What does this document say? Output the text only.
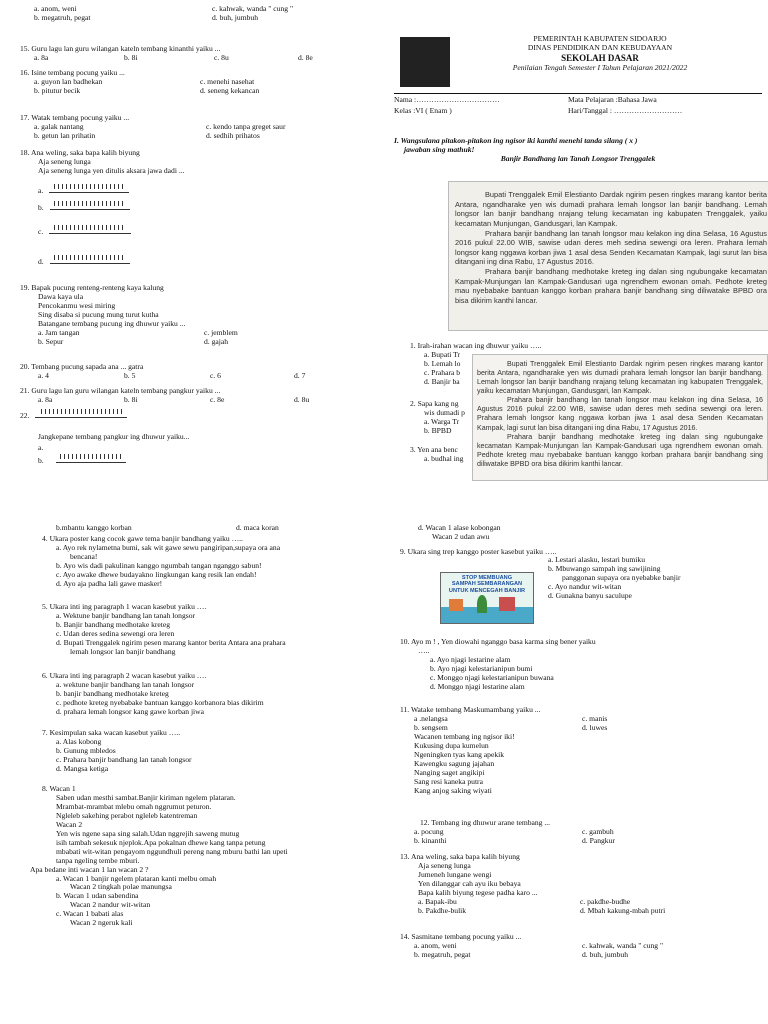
a. anom, weni	c. kahwak, wanda " cung "
b. megatruh, pegat	d. buh, jumbuh
15. Guru lagu lan guru wilangan kateln tembang kinanthi yaiku ...
a. 8a	b. 8i	c. 8u	d. 8e
16. Isine tembang pocung yaiku ...
a. guyon lan badhekan	c. menehi nasehat
b. pitutur becik	d. seneng kekancan
17. Watak tembang pocung yaiku ...
a. galak nantang	c. kendo tanpa greget saur
b. getun lan prihatin	d. sedhih prihatos
18. Ana weling, saka bapa kalih biyung
Aja seneng lunga
Aja seneng lunga yen ditulis aksara jawa dadi ...
a.
b.
c.
d.
19. Bapak pucung renteng-renteng kaya kalung
Dawa kaya ula
Pencokanmu wesi miring
Sing disaba si pucung mung turut kutha
Batangane tembang pucung ing dhuwur yaiku ...
a. Jam tangan	c. jemblem
b. Sepur	d. gajah
20. Tembang pucung sapada ana ... gatra
a. 4	b. 5	c. 6	d. 7
21. Guru lagu lan guru wilangan kateln tembang pangkur yaiku ...
a. 8a	b. 8i	c. 8e	d. 8u
22.
Jangkepane tembang pangkur ing dhuwur yaiku...
a.
b.
PEMERINTAH KABUPATEN SIDOARJO
DINAS PENDIDIKAN DAN KEBUDAYAAN
SEKOLAH DASAR
Penilaian Tengah Semester I Tahun Pelajaran 2021/2022
Nama :……………………………	Mata Pelajaran :Bahasa Jawa
Kelas :VI ( Enam )	Hari/Tanggal : ………………………
I. Wangsulana pitakon-pitakon ing ngisor iki kanthi menehi tanda silang ( x )
jawaban sing mathuk!
Banjir Bandhang lan Tanah Longsor Trenggalek

Bupati Trenggalek Emil Elestianto Dardak ngirim pesen ringkes marang kantor berita Antara, ngandharake yen wis dumadi prahara lemah longsor lan banjir bandhang. Lemah longsor lan banjir bandhang nrajang telung kecamatan ing kabupaten Trenggalek, yaiku kecamatan Munjungan, Gandusgari, lan Kampak.

Prahara banjir bandhang lan tanah longsor mau kelakon ing dina Selasa, 16 Agustus 2016 pukul 22.00 WIB, sawise udan deres meh sedina sewengi ora leren. Prahara lemah longsor kang nggawa korban jiwa 1 asal desa Senden Kecamatan Kampak, lagi surut lan bisa ditangani ing dina Rabu, 17 Agustus 2016.

Prahara banjir bandhang medhotake kreteg ing dalan sing ngubungake kecamatan Kampak-Munjungan lan Kampak-Gandusari uga ngrendhem ewonan omah. Pedhote kreteg mau nyebabake bantuan kanggo korban prahara banjir bandhang sing diliwatake BPBD ora bisa dikirim kanthi lancar.

1. Irah-irahan wacan ing dhuwur yaiku …..
a. Bupati Tr
b. Lemah lo
c. Prahara b
d. Banjir ba
2. Sapa kang ng
wis dumadi p
a. Warga Tr
b. BPBD
3. Yen ana benc
a. budhal ing

Bupati Trenggalek Emil Elestianto Dardak ngirim pesen ringkes marang kantor berita Antara, ngandharake yen wis dumadi prahara lemah longsor lan banjir bandhang. Lemah longsor lan banjir bandhang nrajang telung kecamatan ing kabupaten Trenggalek, yaiku kecamatan Munjungan, Gandusgari, lan Kampak.

Prahara banjir bandhang lan tanah longsor mau kelakon ing dina Selasa, 16 Agustus 2016 pukul 22.00 WIB, sawise udan deres meh sedina sewengi ora leren. Prahara lemah longsor kang nggawa korban jiwa 1 asal desa Senden Kecamatan Kampak, lagi surut lan bisa ditangani ing dina Rabu, 17 Agustus 2016.

Prahara banjir bandhang medhotake kreteg ing dalan sing ngubungake kecamatan Kampak-Munjungan lan Kampak-Gandusari uga ngrendhem ewonan omah. Pedhote kreteg mau nyebabake bantuan kanggo korban prahara banjir bandhang sing diliwatake BPBD ora bisa dikirim kanthi lancar.

b.mbantu kanggo korban	d. maca koran
4. Ukara poster kang cocok gawe tema banjir bandhang yaiku …..
a. Ayo rek nylametna bumi, sak wit gawe sewu pangiripan,supaya ora ana
bencana!
b. Ayo wis dadi pakulinan kanggo ngumbah tangan nganggo sabun!
c. Ayo awake dhewe budayakno lingkungan kang resik lan endah!
d. Ayo aja padha lali gawe masker!
5. Ukara inti ing paragraph 1 wacan kasebut yaiku ….
a. Wektune banjir bandhang lan tanah longsor
b. Banjir bandhang medhotake kreteg
c. Udan deres sedina sewengi ora leren
d. Bupati Trenggalek ngirim pesen marang kantor berita Antara ana prahara
lemah longsor lan banjir bandhang
6. Ukara inti ing paragraph 2 wacan kasebut yaiku ….
a. wektune banjir bandhang lan tanah longsor
b. banjir bandhang medhotake kreteg
c. pedhote kreteg nyebabake bantuan kanggo korbanora bias dikirim
d. prahara lemah longsor kang gawe korban jiwa
7. Kesimpulan saka wacan kasebut yaiku …..
a. Alas kobong
b. Gunung mbledos
c. Prahara banjir bandhang lan tanah longsor
d. Mangsa ketiga
8. Wacan 1
Saben udan mesthi sambat.Banjir kiriman ngelem plataran.
Mrambat-mrambat mlebu omah nggrumut peturon.
Ngleleb sakehing perabot ngleleb katentreman
Wacan 2
Yen wis ngene sapa sing salah.Udan nggrejih saweng mutug
isih tambah sekesuk njeplok.Apa pokalnan dhewe kang tanpa petung
mbabati wit-witan pengayom nggundhuli pereng nang mburu bathi lan upeti
tanpa ngeling tembe mburi.
Apa bedane inti wacan 1 lan wacan 2 ?
a. Wacan 1 banjir ngelem plataran kanti melbu omah
Wacan 2 tingkah polae manungsa
b. Wacan 1 udan sabendina
Wacan 2 nandur wit-witan
c. Wacan 1 babati alas
Wacan 2 ngeruk kali
d. Wacan 1 alase kobongan
Wacan 2 udan awu
9. Ukara sing trep kanggo poster kasebut yaiku …..
STOP MEMBUANG
SAMPAH SEMBARANGAN
UNTUK MENCEGAH BANJIR
a. Lestari alasku, lestari bumiku
b. Mbuwango sampah ing sawijining
panggonan supaya ora nyebabke banjir
c. Ayo nandur wit-witan
d. Gunakna banyu saculupe
10. Ayo m ! , Yen diowahi nganggo basa karma sing bener yaiku
…..
a. Ayo njagi lestarine alam
b. Ayo njagi kelestarianipun bumi
c. Monggo njagi kelestarianipun buwana
d. Monggo njagi lestarine alam
11. Watake tembang Maskumambang yaiku ...
a .nelangsa	c. manis
b. sengsem	d. luwes
Wacanen tembang ing ngisor iki!
Kukusing dupa kumelun
Ngeningken tyas kang apekik
Kawengku sagung jajahan
Nanging saget angikipi
Sang resi kaneka putra
Kang anjog saking wiyati
12. Tembang ing dhuwur arane tembang ...
a. pocung	c. gambuh
b. kinanthi	d. Pangkur
13. Ana weling, saka bapa kalih biyung
Aja seneng lunga
Jumeneh lungane wengi
Yen dilanggar cah ayu iku bebaya
Bapa kalih biyung tegese padha karo ...
a. Bapak-ibu	c. pakdhe-budhe
b. Pakdhe-bulik	d. Mbah kakung-mbah putri
14. Sasmitane tembang pocung yaiku ...
a. anom, weni	c. kahwak, wanda " cung "
b. megatruh, pegat	d. buh, jumbuh
